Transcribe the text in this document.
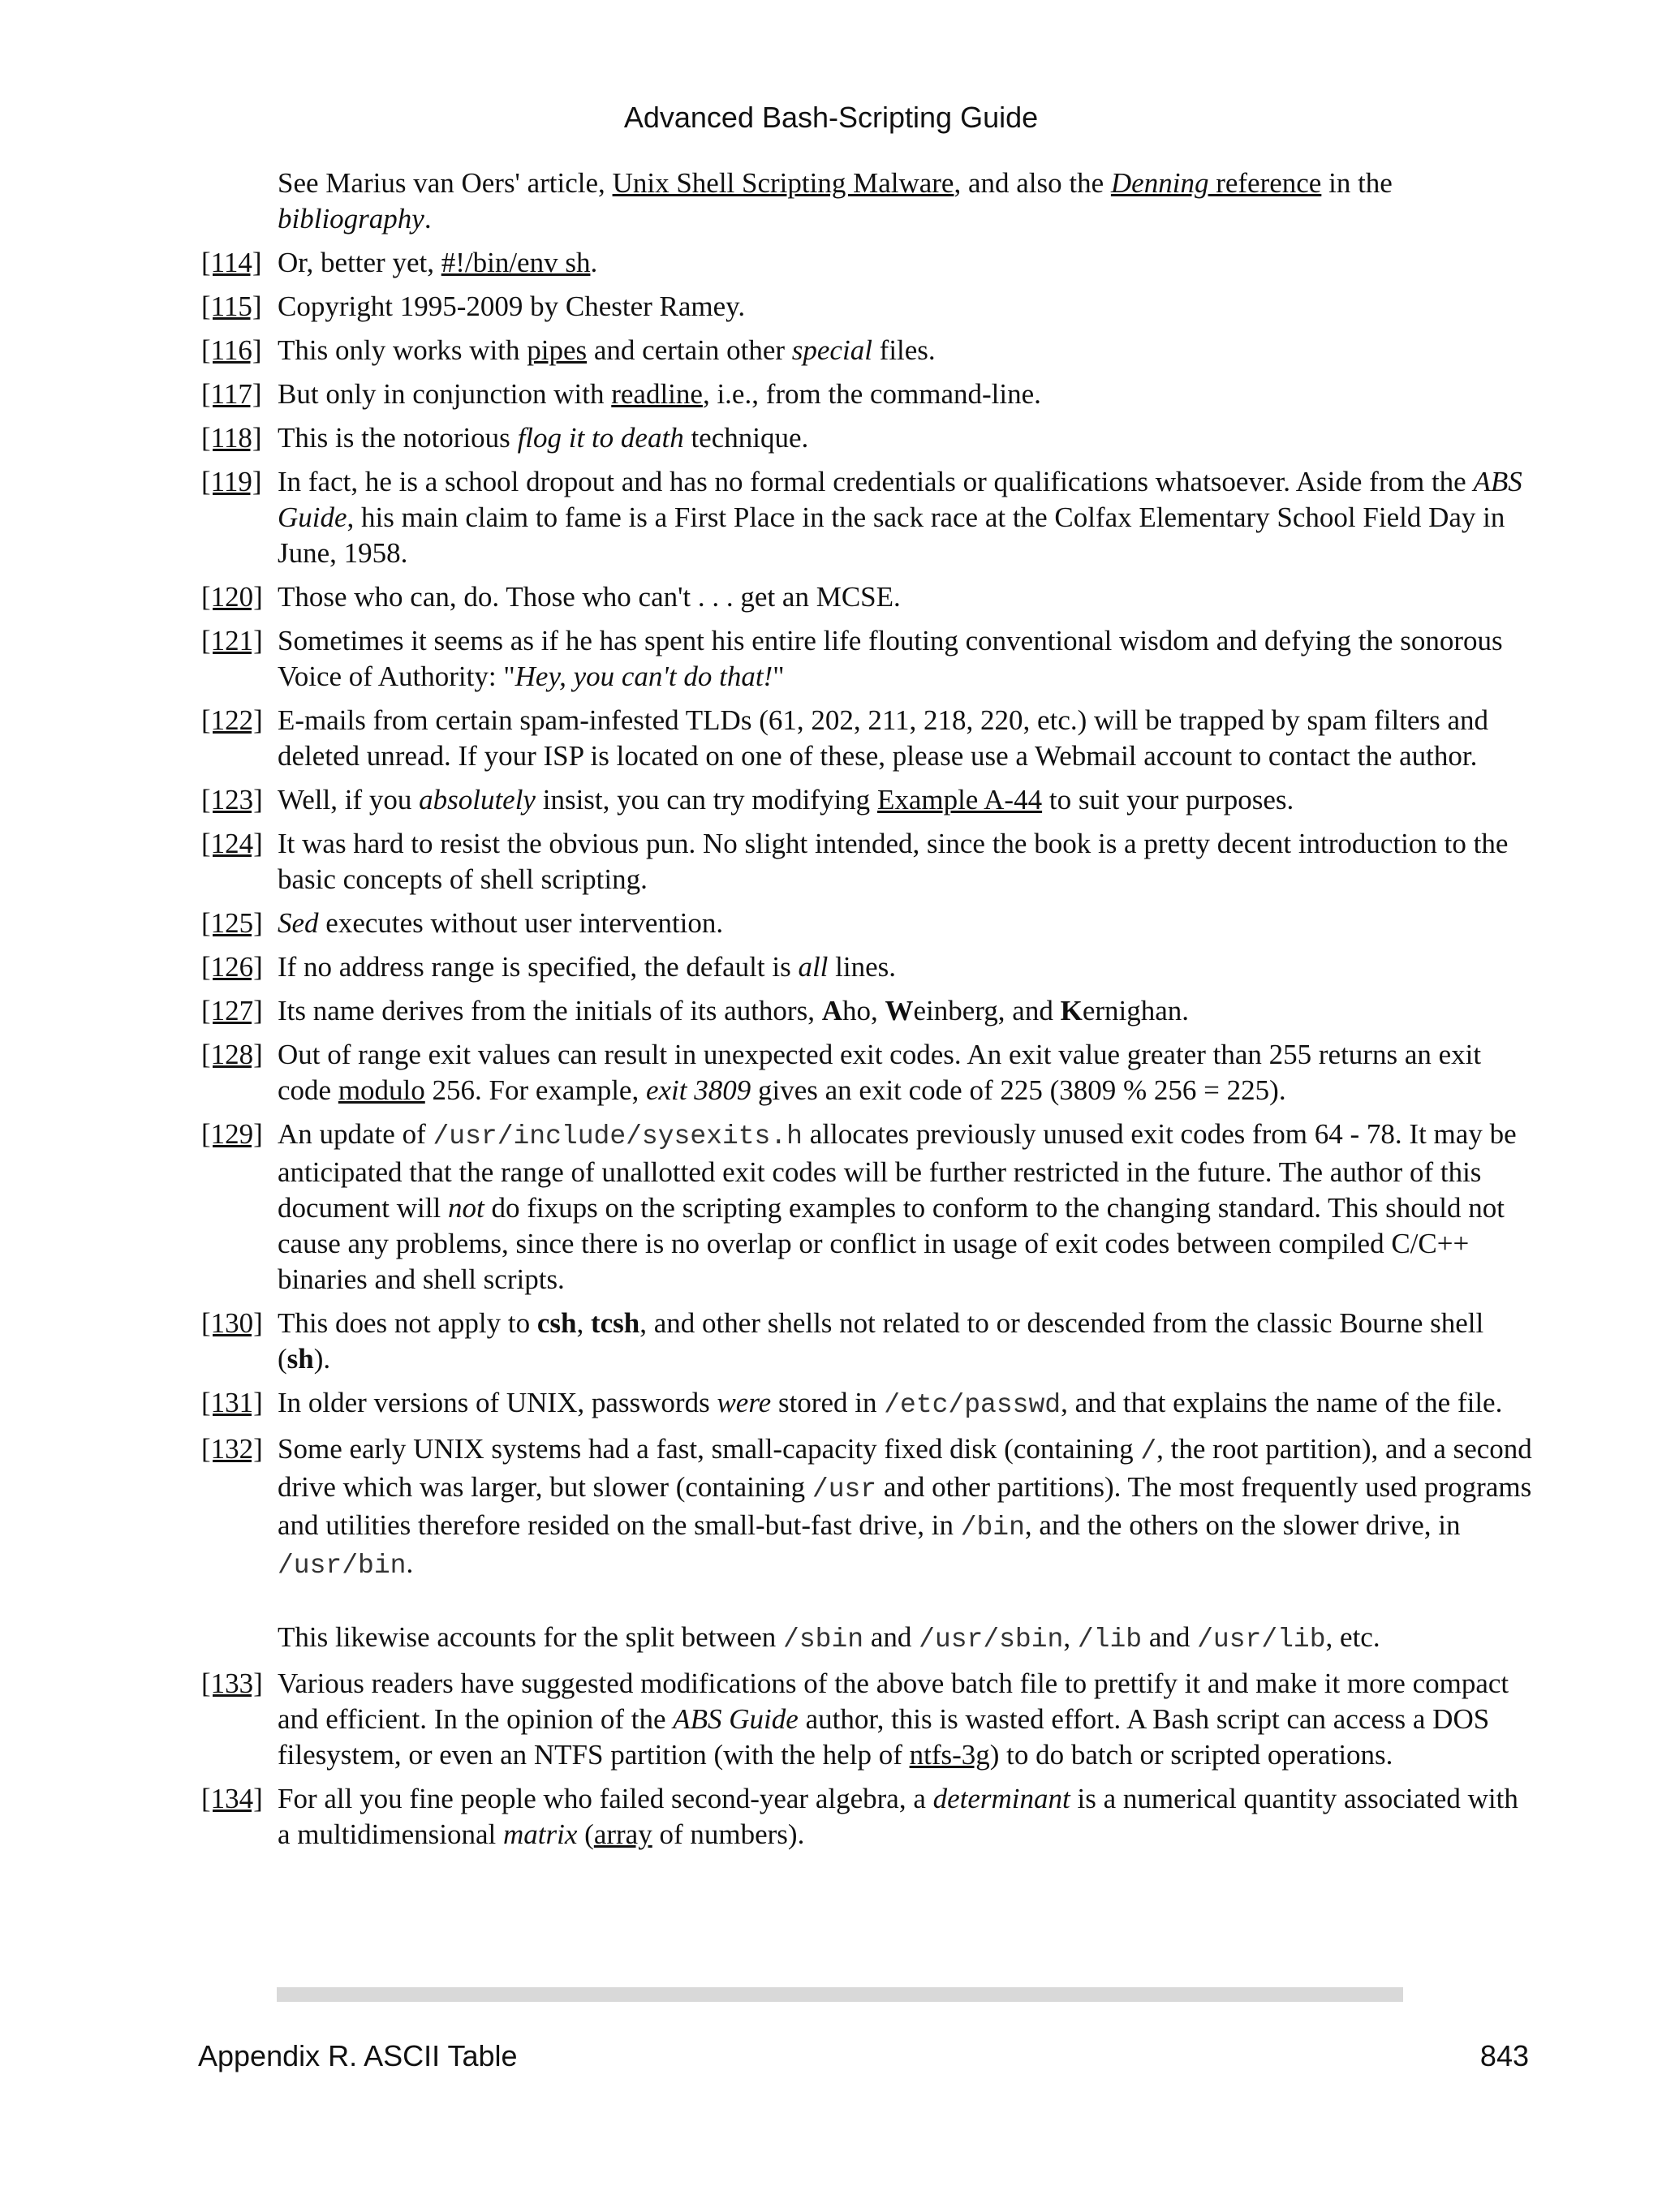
Advanced Bash-Scripting Guide
See Marius van Oers' article, Unix Shell Scripting Malware, and also the Denning reference in the bibliography.
[114] Or, better yet, #!/bin/env sh.
[115] Copyright 1995-2009 by Chester Ramey.
[116] This only works with pipes and certain other special files.
[117] But only in conjunction with readline, i.e., from the command-line.
[118] This is the notorious flog it to death technique.
[119] In fact, he is a school dropout and has no formal credentials or qualifications whatsoever. Aside from the ABS Guide, his main claim to fame is a First Place in the sack race at the Colfax Elementary School Field Day in June, 1958.
[120] Those who can, do. Those who can't . . . get an MCSE.
[121] Sometimes it seems as if he has spent his entire life flouting conventional wisdom and defying the sonorous Voice of Authority: "Hey, you can't do that!"
[122] E-mails from certain spam-infested TLDs (61, 202, 211, 218, 220, etc.) will be trapped by spam filters and deleted unread. If your ISP is located on one of these, please use a Webmail account to contact the author.
[123] Well, if you absolutely insist, you can try modifying Example A-44 to suit your purposes.
[124] It was hard to resist the obvious pun. No slight intended, since the book is a pretty decent introduction to the basic concepts of shell scripting.
[125] Sed executes without user intervention.
[126] If no address range is specified, the default is all lines.
[127] Its name derives from the initials of its authors, Aho, Weinberg, and Kernighan.
[128] Out of range exit values can result in unexpected exit codes. An exit value greater than 255 returns an exit code modulo 256. For example, exit 3809 gives an exit code of 225 (3809 % 256 = 225).
[129] An update of /usr/include/sysexits.h allocates previously unused exit codes from 64 - 78. It may be anticipated that the range of unallotted exit codes will be further restricted in the future. The author of this document will not do fixups on the scripting examples to conform to the changing standard. This should not cause any problems, since there is no overlap or conflict in usage of exit codes between compiled C/C++ binaries and shell scripts.
[130] This does not apply to csh, tcsh, and other shells not related to or descended from the classic Bourne shell (sh).
[131] In older versions of UNIX, passwords were stored in /etc/passwd, and that explains the name of the file.
[132] Some early UNIX systems had a fast, small-capacity fixed disk (containing /, the root partition), and a second drive which was larger, but slower (containing /usr and other partitions). The most frequently used programs and utilities therefore resided on the small-but-fast drive, in /bin, and the others on the slower drive, in /usr/bin.

This likewise accounts for the split between /sbin and /usr/sbin, /lib and /usr/lib, etc.

[133] Various readers have suggested modifications of the above batch file to prettify it and make it more compact and efficient. In the opinion of the ABS Guide author, this is wasted effort. A Bash script can access a DOS filesystem, or even an NTFS partition (with the help of ntfs-3g) to do batch or scripted operations.
[134] For all you fine people who failed second-year algebra, a determinant is a numerical quantity associated with a multidimensional matrix (array of numbers).
Appendix R. ASCII Table	843
